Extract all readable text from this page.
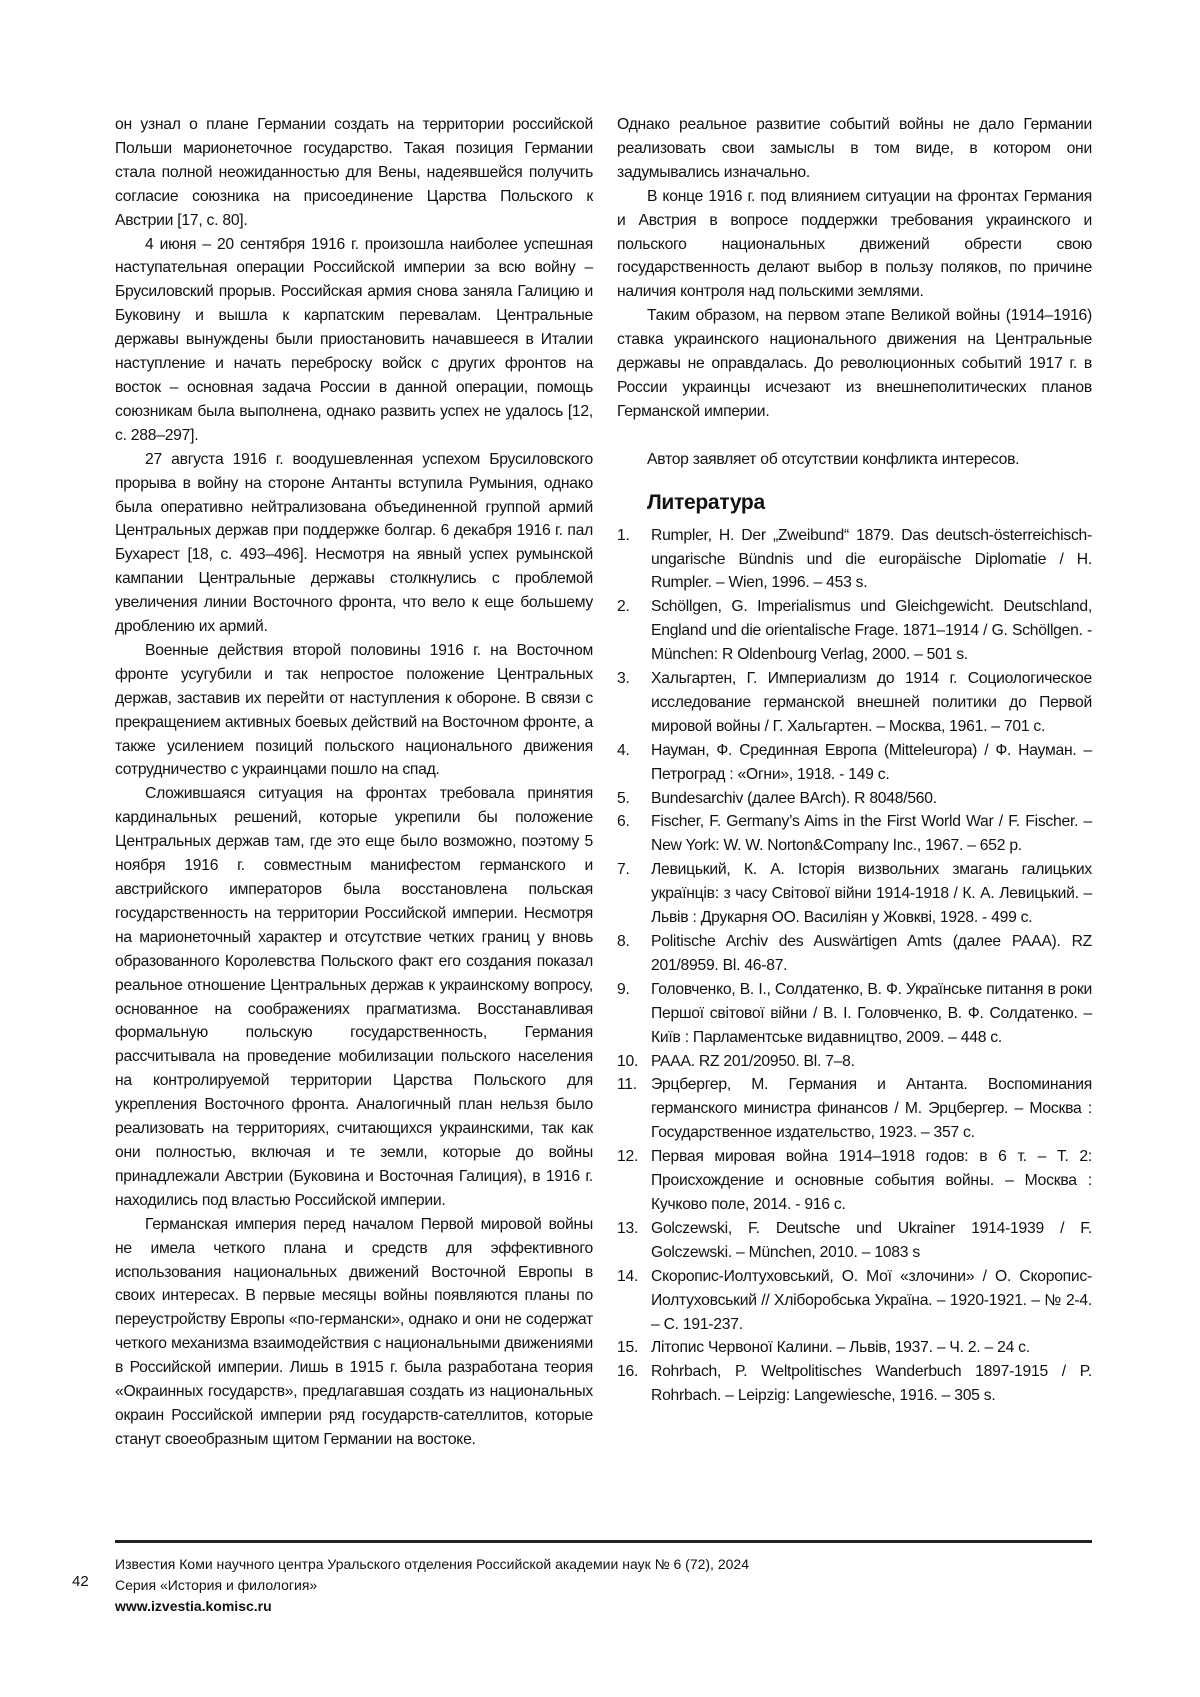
он узнал о плане Германии создать на территории российской Польши марионеточное государство. Такая позиция Германии стала полной неожиданностью для Вены, надеявшейся получить согласие союзника на присоединение Царства Польского к Австрии [17, с. 80].

4 июня – 20 сентября 1916 г. произошла наиболее успешная наступательная операции Российской империи за всю войну – Брусиловский прорыв. Российская армия снова заняла Галицию и Буковину и вышла к карпатским перевалам. Центральные державы вынуждены были приостановить начавшееся в Италии наступление и начать переброску войск с других фронтов на восток – основная задача России в данной операции, помощь союзникам была выполнена, однако развить успех не удалось [12, с. 288–297].

27 августа 1916 г. воодушевленная успехом Брусиловского прорыва в войну на стороне Антанты вступила Румыния, однако была оперативно нейтрализована объединенной группой армий Центральных держав при поддержке болгар. 6 декабря 1916 г. пал Бухарест [18, с. 493–496]. Несмотря на явный успех румынской кампании Центральные державы столкнулись с проблемой увеличения линии Восточного фронта, что вело к еще большему дроблению их армий.

Военные действия второй половины 1916 г. на Восточном фронте усугубили и так непростое положение Центральных держав, заставив их перейти от наступления к обороне. В связи с прекращением активных боевых действий на Восточном фронте, а также усилением позиций польского национального движения сотрудничество с украинцами пошло на спад.

Сложившаяся ситуация на фронтах требовала принятия кардинальных решений, которые укрепили бы положение Центральных держав там, где это еще было возможно, поэтому 5 ноября 1916 г. совместным манифестом германского и австрийского императоров была восстановлена польская государственность на территории Российской империи. Несмотря на марионеточный характер и отсутствие четких границ у вновь образованного Королевства Польского факт его создания показал реальное отношение Центральных держав к украинскому вопросу, основанное на соображениях прагматизма. Восстанавливая формальную польскую государственность, Германия рассчитывала на проведение мобилизации польского населения на контролируемой территории Царства Польского для укрепления Восточного фронта. Аналогичный план нельзя было реализовать на территориях, считающихся украинскими, так как они полностью, включая и те земли, которые до войны принадлежали Австрии (Буковина и Восточная Галиция), в 1916 г. находились под властью Российской империи.

Германская империя перед началом Первой мировой войны не имела четкого плана и средств для эффективного использования национальных движений Восточной Европы в своих интересах. В первые месяцы войны появляются планы по переустройству Европы «по-германски», однако и они не содержат четкого механизма взаимодействия с национальными движениями в Российской империи. Лишь в 1915 г. была разработана теория «Окраинных государств», предлагавшая создать из национальных окраин Российской империи ряд государств-сателлитов, которые станут своеобразным щитом Германии на востоке.

Однако реальное развитие событий войны не дало Германии реализовать свои замыслы в том виде, в котором они задумывались изначально.

В конце 1916 г. под влиянием ситуации на фронтах Германия и Австрия в вопросе поддержки требования украинского и польского национальных движений обрести свою государственность делают выбор в пользу поляков, по причине наличия контроля над польскими землями.

Таким образом, на первом этапе Великой войны (1914–1916) ставка украинского национального движения на Центральные державы не оправдалась. До революционных событий 1917 г. в России украинцы исчезают из внешнеполитических планов Германской империи.

Автор заявляет об отсутствии конфликта интересов.

Литература
1.	Rumpler, H. Der „Zweibund“ 1879. Das deutsch-österreichisch-ungarische Bündnis und die europäische Diplomatie / H. Rumpler. – Wien, 1996. – 453 s.
2.	Schöllgen, G. Imperialismus und Gleichgewicht. Deutschland, England und die orientalische Frage. 1871–1914 / G. Schöllgen. - München: R Oldenbourg Verlag, 2000. – 501 s.
3.	Хальгартен, Г. Империализм до 1914 г. Социологическое исследование германской внешней политики до Первой мировой войны / Г. Хальгартен. – Москва, 1961. – 701 с.
4.	Науман, Ф. Срединная Европа (Mitteleuropa) / Ф. Науман. – Петроград : «Огни», 1918. - 149 с.
5.	Bundesarchiv (далее BArch). R 8048/560.
6.	Fischer, F. Germany’s Aims in the First World War / F. Fischer. – New York: W. W. Norton&Company Inc., 1967. – 652 p.
7.	Левицький, К. А. Історія визвольних змагань галицьких українців: з часу Світової війни 1914-1918 / К. А. Левицький. – Львів : Друкарня ОО. Василіян у Жовкві, 1928. - 499 с.
8.	Politische Archiv des Auswärtigen Amts (далее PAAA). RZ 201/8959. Bl. 46-87.
9.	Головченко, В. І., Солдатенко, В. Ф. Українське питання в роки Першої світової війни / В. І. Головченко, В. Ф. Солдатенко. – Київ : Парламентське видавництво, 2009. – 448 с.
10. PAAA. RZ 201/20950. Bl. 7–8.
11. Эрцбергер, М. Германия и Антанта. Воспоминания германского министра финансов / М. Эрцбергер. – Москва : Государственное издательство, 1923. – 357 с.
12. Первая мировая война 1914–1918 годов: в 6 т. – Т. 2: Происхождение и основные события войны. – Москва : Кучково поле, 2014. - 916 с.
13. Golczewski, F. Deutsche und Ukrainer 1914-1939 / F. Golczewski. – München, 2010. – 1083 s
14. Скоропис-Иолтуховський, О. Мої «злочини» / О. Скоропис-Иолтуховський // Хліборобська Україна. – 1920-1921. – № 2-4. – С. 191-237.
15. Літопис Червоної Калини. – Львів, 1937. – Ч. 2. – 24 с.
16. Rohrbach, P. Weltpolitisches Wanderbuch 1897-1915 / P. Rohrbach. – Leipzig: Langewiesche, 1916. – 305 s.
42
Известия Коми научного центра Уральского отделения Российской академии наук № 6 (72), 2024
Серия «История и филология»
www.izvestia.komisc.ru
